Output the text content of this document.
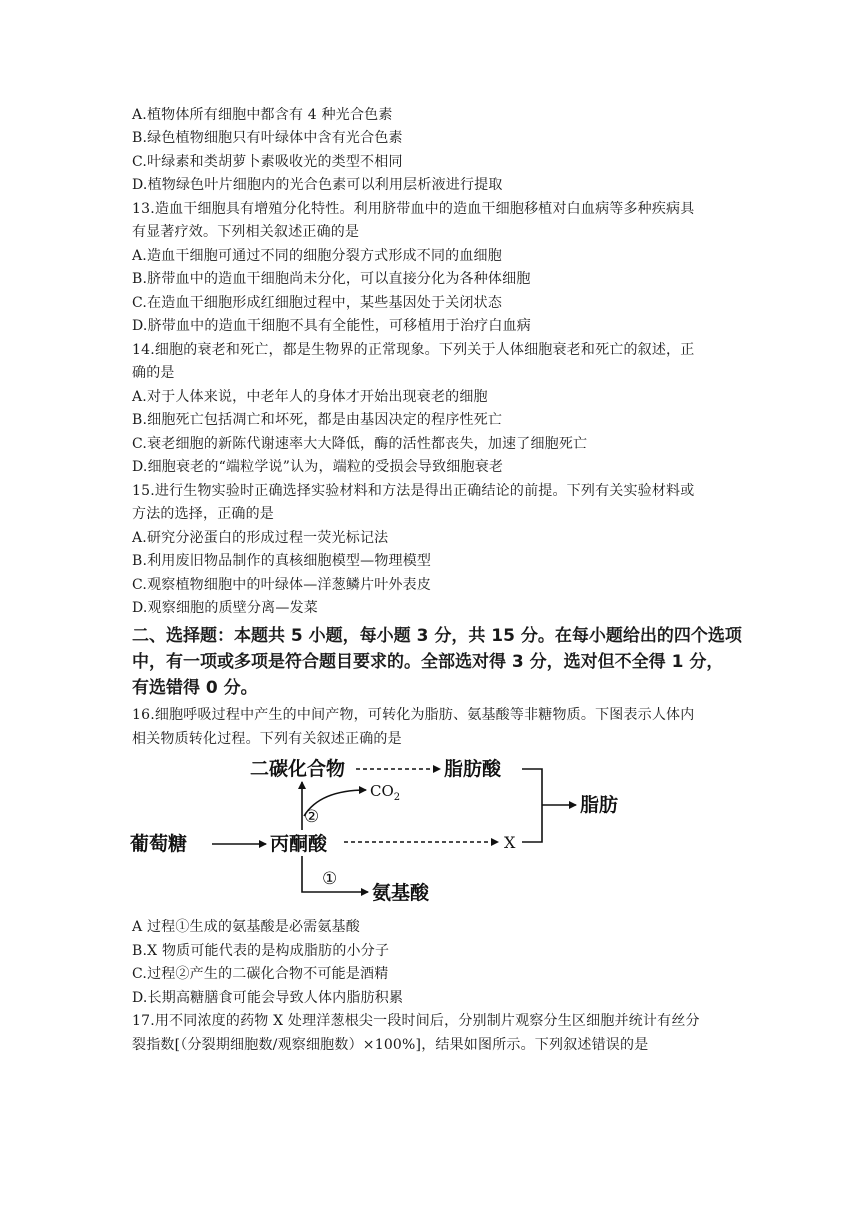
A.植物体所有细胞中都含有 4 种光合色素
B.绿色植物细胞只有叶绿体中含有光合色素
C.叶绿素和类胡萝卜素吸收光的类型不相同
D.植物绿色叶片细胞内的光合色素可以利用层析液进行提取
13.造血干细胞具有增殖分化特性。利用脐带血中的造血干细胞移植对白血病等多种疾病具
有显著疗效。下列相关叙述正确的是
A.造血干细胞可通过不同的细胞分裂方式形成不同的血细胞
B.脐带血中的造血干细胞尚未分化，可以直接分化为各种体细胞
C.在造血干细胞形成红细胞过程中，某些基因处于关闭状态
D.脐带血中的造血干细胞不具有全能性，可移植用于治疗白血病
14.细胞的衰老和死亡，都是生物界的正常现象。下列关于人体细胞衰老和死亡的叙述，正
确的是
A.对于人体来说，中老年人的身体才开始出现衰老的细胞
B.细胞死亡包括凋亡和坏死，都是由基因决定的程序性死亡
C.衰老细胞的新陈代谢速率大大降低，酶的活性都丧失，加速了细胞死亡
D.细胞衰老的“端粒学说”认为，端粒的受损会导致细胞衰老
15.进行生物实验时正确选择实验材料和方法是得出正确结论的前提。下列有关实验材料或
方法的选择，正确的是
A.研究分泌蛋白的形成过程一荧光标记法
B.利用废旧物品制作的真核细胞模型—物理模型
C.观察植物细胞中的叶绿体—洋葱鳞片叶外表皮
D.观察细胞的质壁分离—发菜
二、选择题：本题共 5 小题，每小题 3 分，共 15 分。在每小题给出的四个选项
中，有一项或多项是符合题目要求的。全部选对得 3 分，选对但不全得 1 分，
有选错得 0 分。
16.细胞呼吸过程中产生的中间产物，可转化为脂肪、氨基酸等非糖物质。下图表示人体内
相关物质转化过程。下列有关叙述正确的是
葡萄糖	丙酮酸
二碳化合物
$CO_2$
②
脂肪酸
X
脂肪
氨基酸
①
A 过程①生成的氨基酸是必需氨基酸
B.X 物质可能代表的是构成脂肪的小分子
C.过程②产生的二碳化合物不可能是酒精
D.长期高糖膳食可能会导致人体内脂肪积累
17.用不同浓度的药物 X 处理洋葱根尖一段时间后，分别制片观察分生区细胞并统计有丝分
裂指数[（分裂期细胞数/观察细胞数）×100%]，结果如图所示。下列叙述错误的是
